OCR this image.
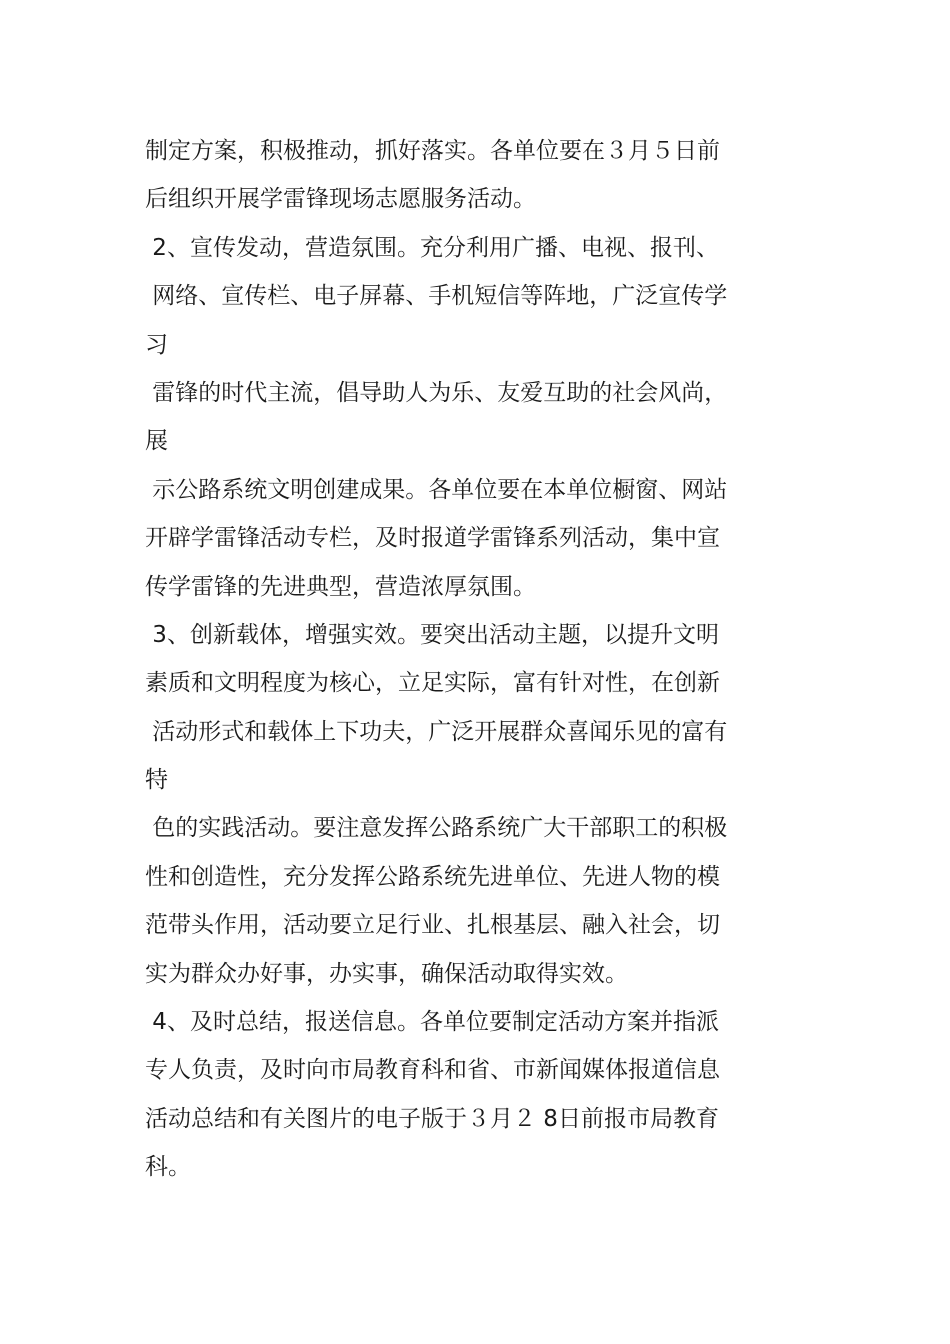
制定方案，积极推动，抓好落实。各单位要在３月５日前
后组织开展学雷锋现场志愿服务活动。
2、宣传发动，营造氛围。充分利用广播、电视、报刊、
网络、宣传栏、电子屏幕、手机短信等阵地，广泛宣传学
习
雷锋的时代主流，倡导助人为乐、友爱互助的社会风尚，
展
示公路系统文明创建成果。各单位要在本单位橱窗、网站
开辟学雷锋活动专栏，及时报道学雷锋系列活动，集中宣
传学雷锋的先进典型，营造浓厚氛围。
3、创新载体，增强实效。要突出活动主题，以提升文明
素质和文明程度为核心，立足实际，富有针对性，在创新
活动形式和载体上下功夫，广泛开展群众喜闻乐见的富有
特
色的实践活动。要注意发挥公路系统广大干部职工的积极
性和创造性，充分发挥公路系统先进单位、先进人物的模
范带头作用，活动要立足行业、扎根基层、融入社会，切
实为群众办好事，办实事，确保活动取得实效。
4、及时总结，报送信息。各单位要制定活动方案并指派
专人负责，及时向市局教育科和省、市新闻媒体报道信息
活动总结和有关图片的电子版于３月２ 8日前报市局教育
科。
